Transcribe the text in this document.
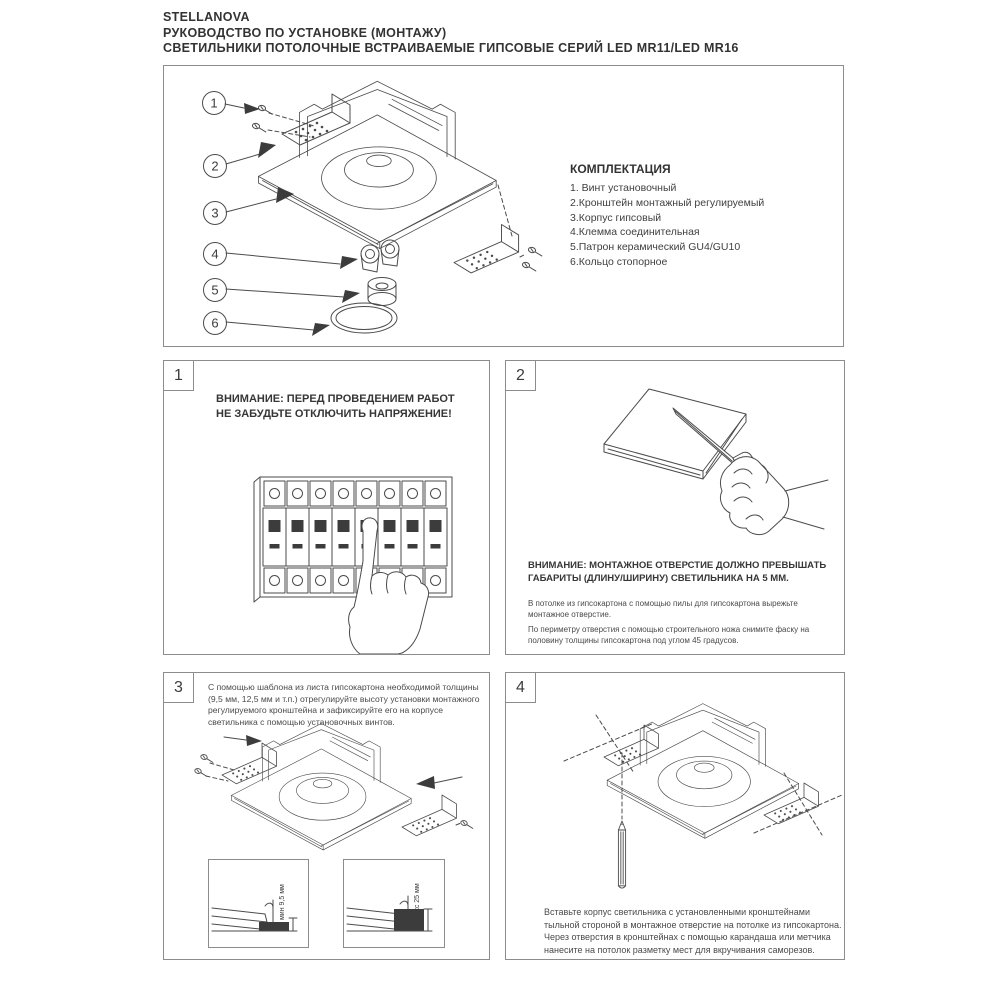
STELLANOVA
РУКОВОДСТВО ПО УСТАНОВКЕ (МОНТАЖУ)
СВЕТИЛЬНИКИ ПОТОЛОЧНЫЕ ВСТРАИВАЕМЫЕ ГИПСОВЫЕ СЕРИЙ LED MR11/LED MR16
1
2
3
4
5
6
КОМПЛЕКТАЦИЯ
1. Винт установочный
2.Кронштейн монтажный регулируемый
3.Корпус гипсовый
4.Клемма соединительная
5.Патрон керамический GU4/GU10
6.Кольцо стопорное
1
ВНИМАНИЕ: ПЕРЕД ПРОВЕДЕНИЕМ РАБОТ
НЕ ЗАБУДЬТЕ ОТКЛЮЧИТЬ НАПРЯЖЕНИЕ!
2
ВНИМАНИЕ: МОНТАЖНОЕ ОТВЕРСТИЕ ДОЛЖНО ПРЕВЫШАТЬ
ГАБАРИТЫ (ДЛИНУ/ШИРИНУ) СВЕТИЛЬНИКА НА 5 ММ.

В потолке из гипсокартона с помощью пилы для гипсокартона вырежьте монтажное отверстие.

По периметру отверстия с помощью строительного ножа снимите фаску на половину толщины гипсокартона под углом 45 градусов.

3	С помощью шаблона из листа гипсокартона необходимой толщины (9,5 мм, 12,5 мм и т.п.) отрегулируйте высоту установки монтажного регулируемого кронштейна и зафиксируйте его на корпусе светильника с помощью установочных винтов.
мин 9,5 мм	макс 25 мм
4
Вставьте корпус светильника с установленными кронштейнами тыльной стороной в монтажное отверстие на потолке из гипсокартона. Через отверстия в кронштейнах с помощью карандаша или метчика нанесите на потолок разметку мест для вкручивания саморезов.
